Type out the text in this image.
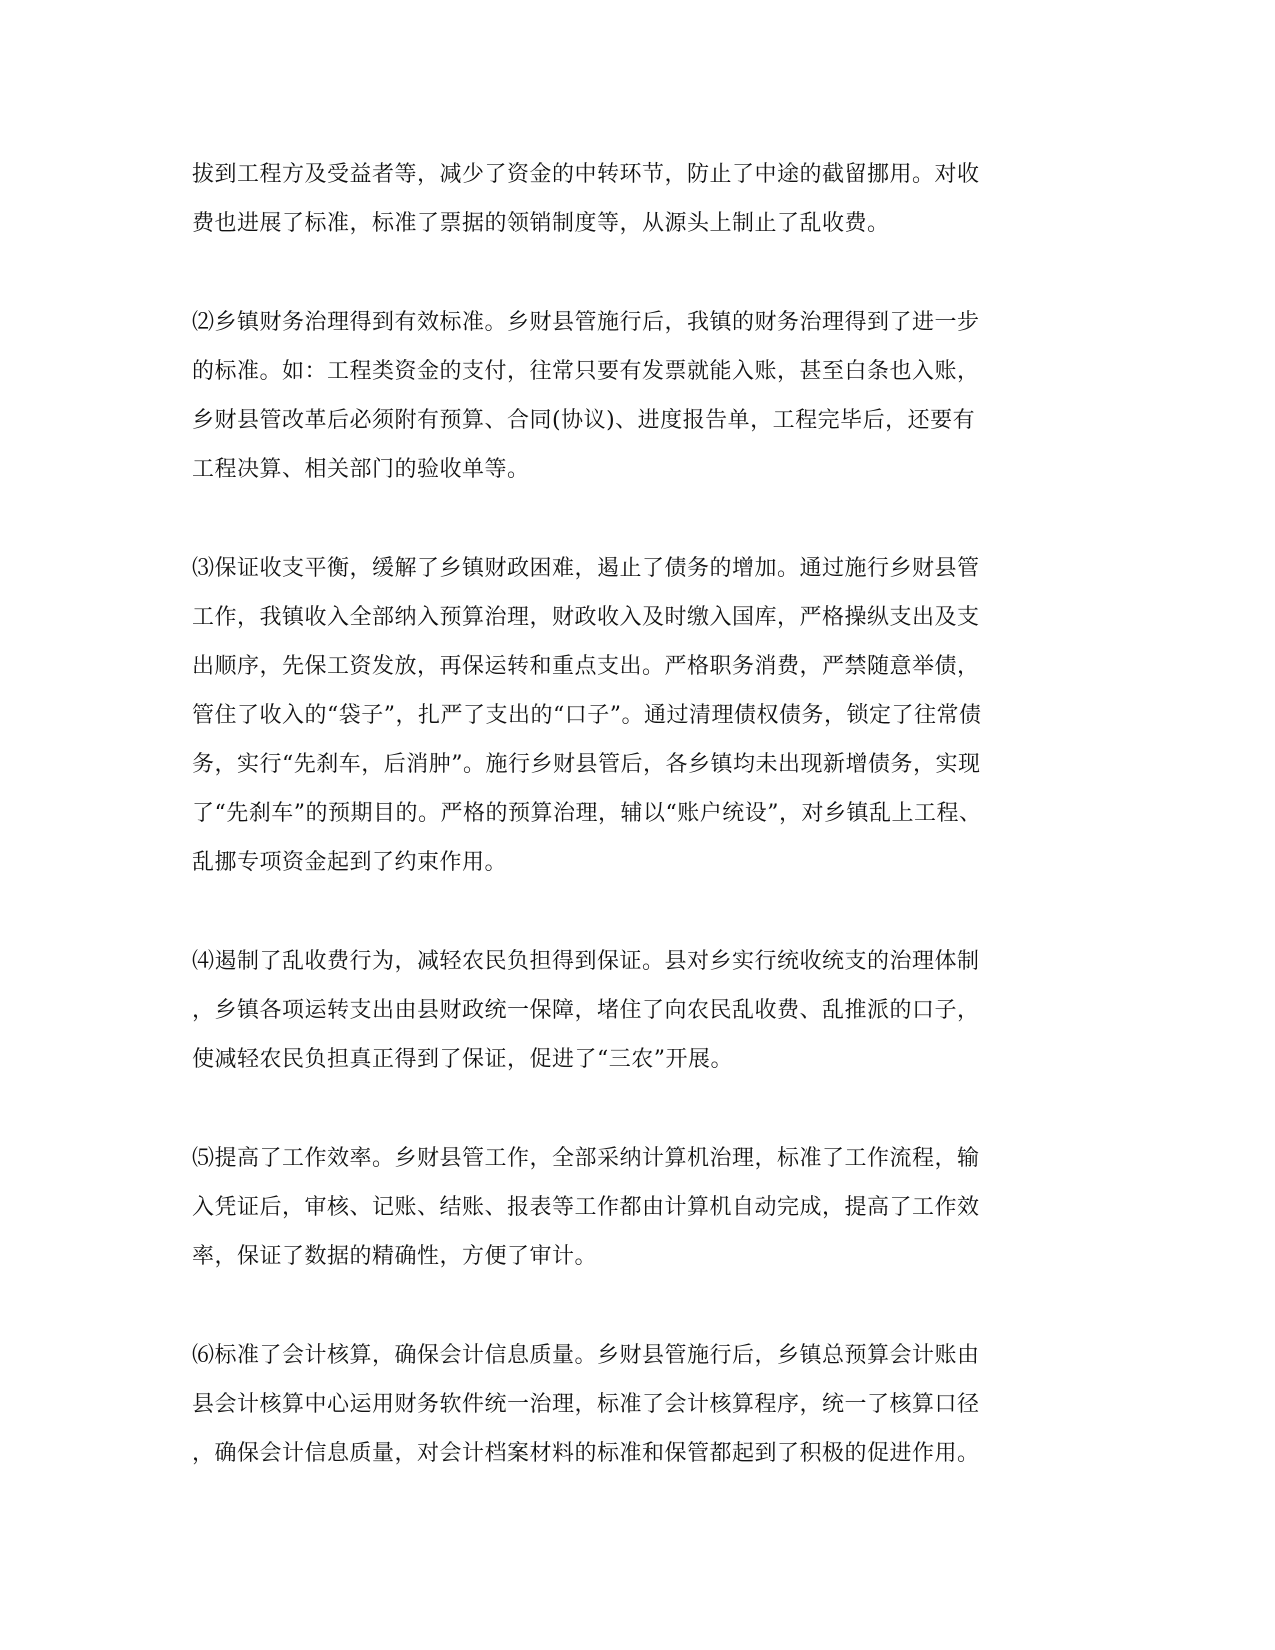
拔到工程方及受益者等，减少了资金的中转环节，防止了中途的截留挪用。对收
费也进展了标准，标准了票据的领销制度等，从源头上制止了乱收费。

⑵乡镇财务治理得到有效标准。乡财县管施行后，我镇的财务治理得到了进一步
的标准。如：工程类资金的支付，往常只要有发票就能入账，甚至白条也入账，
乡财县管改革后必须附有预算、合同(协议)、进度报告单，工程完毕后，还要有
工程决算、相关部门的验收单等。

⑶保证收支平衡，缓解了乡镇财政困难，遏止了债务的增加。通过施行乡财县管
工作，我镇收入全部纳入预算治理，财政收入及时缴入国库，严格操纵支出及支
出顺序，先保工资发放，再保运转和重点支出。严格职务消费，严禁随意举债，
管住了收入的“袋子”，扎严了支出的“口子”。通过清理债权债务，锁定了往常债
务，实行“先刹车，后消肿”。施行乡财县管后，各乡镇均未出现新增债务，实现
了“先刹车”的预期目的。严格的预算治理，辅以“账户统设”，对乡镇乱上工程、
乱挪专项资金起到了约束作用。

⑷遏制了乱收费行为，减轻农民负担得到保证。县对乡实行统收统支的治理体制
，乡镇各项运转支出由县财政统一保障，堵住了向农民乱收费、乱推派的口子，
使减轻农民负担真正得到了保证，促进了“三农”开展。

⑸提高了工作效率。乡财县管工作，全部采纳计算机治理，标准了工作流程，输
入凭证后，审核、记账、结账、报表等工作都由计算机自动完成，提高了工作效
率，保证了数据的精确性，方便了审计。

⑹标准了会计核算，确保会计信息质量。乡财县管施行后，乡镇总预算会计账由
县会计核算中心运用财务软件统一治理，标准了会计核算程序，统一了核算口径
，确保会计信息质量，对会计档案材料的标准和保管都起到了积极的促进作用。
